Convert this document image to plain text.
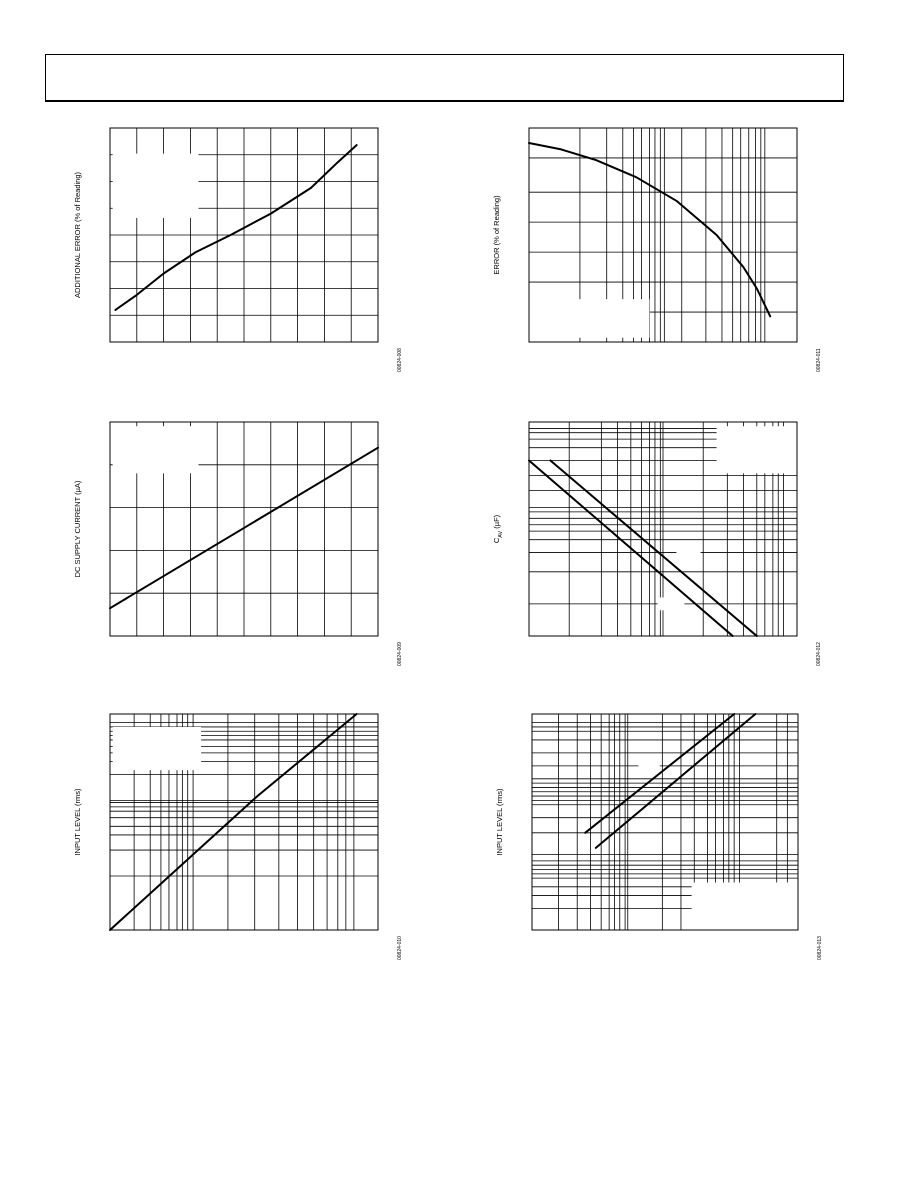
ADDITIONAL ERROR (% of Reading)
00824-008
ERROR (% of Reading)
00824-011
DC SUPPLY CURRENT (µA)
00824-009
$C_{AV}$ (µF)
00824-012
INPUT LEVEL (rms)
00824-010
INPUT LEVEL (rms)
00824-013
